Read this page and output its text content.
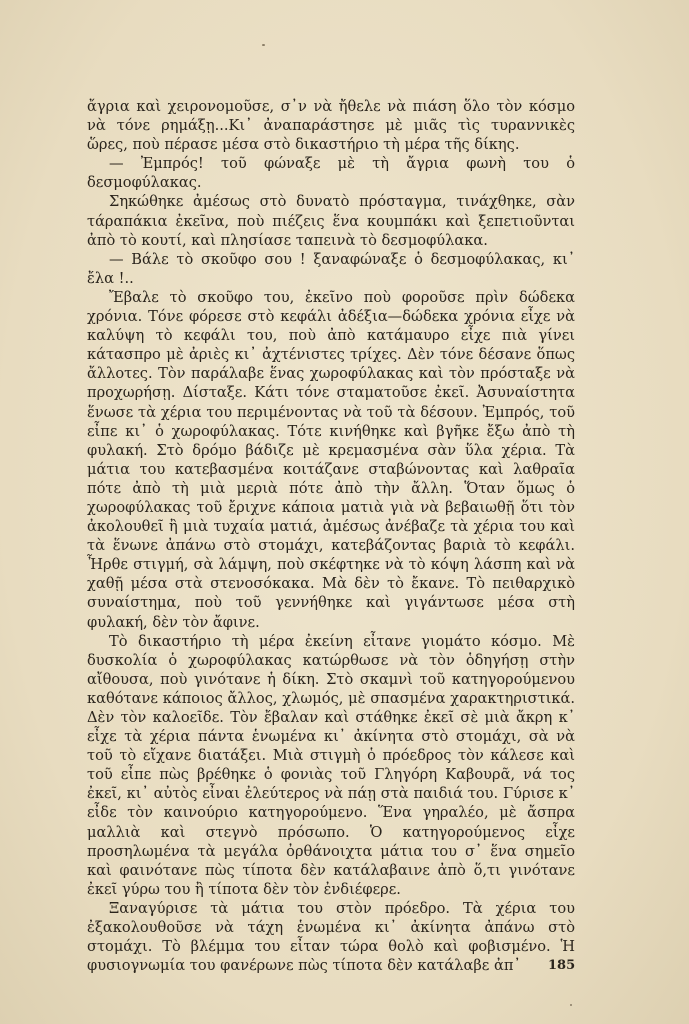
ἄγρια καὶ χειρονομοῦσε, σ᾽ν νὰ ἤθελε νὰ πιάση ὅλο τὸν κόσμο νὰ τόνε ρημάξῃ...Κι᾽ ἀναπαράστησε μὲ μιᾶς τὶς τυραννικὲς ὥρες, ποὺ πέρασε μέσα στὸ δικαστήριο τὴ μέρα τῆς δίκης.

— Ἐμπρός! τοῦ φώναξε μὲ τὴ ἄγρια φωνὴ του ὁ δεσμοφύλακας.

Σηκώθηκε ἀμέσως στὸ δυνατὸ πρόσταγμα, τινάχθηκε, σὰν τάραπάκια ἐκεῖνα, ποὺ πιέζεις ἕνα κουμπάκι καὶ ξεπετιοῦνται ἀπὸ τὸ κουτί, καὶ πλησίασε ταπεινὰ τὸ δεσμοφύλακα.

— Βάλε τὸ σκοῦφο σου ! ξαναφώναξε ὁ δεσμοφύλακας, κι᾽ ἔλα !..

Ἔβαλε τὸ σκοῦφο του, ἐκεῖνο ποὺ φοροῦσε πρὶν δώδεκα χρόνια. Τόνε φόρεσε στὸ κεφάλι ἀδέξια—δώδεκα χρόνια εἶχε νὰ καλύψη τὸ κεφάλι του, ποὺ ἀπὸ κατάμαυρο εἶχε πιὰ γίνει κάτασπρο μὲ ἀριὲς κι᾽ ἀχτένιστες τρίχες. Δὲν τόνε δέσανε ὅπως ἄλλοτες. Τὸν παράλαβε ἕνας χωροφύλακας καὶ τὸν πρόσταξε νὰ προχωρήσῃ. Δίσταξε. Κάτι τόνε σταματοῦσε ἐκεῖ. Ἀσυναίστητα ἕνωσε τὰ χέρια του περιμένοντας νὰ τοῦ τὰ δέσουν. Ἐμπρός, τοῦ εἶπε κι᾽ ὁ χωροφύλακας. Τότε κινήθηκε καὶ βγῆκε ἔξω ἀπὸ τὴ φυλακή. Στὸ δρόμο βάδιζε μὲ κρεμασμένα σὰν ὕλα χέρια. Τὰ μάτια του κατεβασμένα κοιτάζανε σταβώνοντας καὶ λαθραῖα πότε ἀπὸ τὴ μιὰ μεριὰ πότε ἀπὸ τὴν ἄλλη. Ὅταν ὅμως ὁ χωροφύλακας τοῦ ἔριχνε κάποια ματιὰ γιὰ νὰ βεβαιωθῇ ὅτι τὸν ἀκολουθεῖ ἢ μιὰ τυχαία ματιά, ἀμέσως ἀνέβαζε τὰ χέρια του καὶ τὰ ἕνωνε ἀπάνω στὸ στομάχι, κατεβάζοντας βαριὰ τὸ κεφάλι. Ἦρθε στιγμή, σὰ λάμψη, ποὺ σκέφτηκε νὰ τὸ κόψη λάσπη καὶ νὰ χαθῇ μέσα στὰ στενοσόκακα. Μὰ δὲν τὸ ἔκανε. Τὸ πειθαρχικὸ συναίστημα, ποὺ τοῦ γεννήθηκε καὶ γιγάντωσε μέσα στὴ φυλακή, δὲν τὸν ἄφινε.

Τὸ δικαστήριο τὴ μέρα ἐκείνη εἶτανε γιομάτο κόσμο. Μὲ δυσκολία ὁ χωροφύλακας κατώρθωσε νὰ τὸν ὁδηγήσῃ στὴν αἴθουσα, ποὺ γινότανε ἡ δίκη. Στὸ σκαμνὶ τοῦ κατηγορούμενου καθότανε κάποιος ἄλλος, χλωμός, μὲ σπασμένα χαρακτηριστικά. Δὲν τὸν καλοεῖδε. Τὸν ἔβαλαν καὶ στάθηκε ἐκεῖ σὲ μιὰ ἄκρη κ᾽ εἶχε τὰ χέρια πάντα ἑνωμένα κι᾽ ἀκίνητα στὸ στομάχι, σὰ νὰ τοῦ τὸ εἴχανε διατάξει. Μιὰ στιγμὴ ὁ πρόεδρος τὸν κάλεσε καὶ τοῦ εἶπε πὼς βρέθηκε ὁ φονιὰς τοῦ Γληγόρη Καβουρᾶ, νά τος ἐκεῖ, κι᾽ αὐτὸς εἶναι ἐλεύτερος νὰ πάῃ στὰ παιδιά του. Γύρισε κ᾽ εἶδε τὸν καινούριο κατηγορούμενο. Ἕνα γηραλέο, μὲ ἄσπρα μαλλιὰ καὶ στεγνὸ πρόσωπο. Ὁ κατηγορούμενος εἶχε προσηλωμένα τὰ μεγάλα ὀρθάνοιχτα μάτια του σ᾽ ἕνα σημεῖο καὶ φαινότανε πὼς τίποτα δὲν κατάλαβαινε ἀπὸ ὅ,τι γινότανε ἐκεῖ γύρω του ἢ τίποτα δὲν τὸν ἐνδιέφερε.

Ξαναγύρισε τὰ μάτια του στὸν πρόεδρο. Τὰ χέρια του ἐξακολουθοῦσε νὰ τάχη ἑνωμένα κι᾽ ἀκίνητα ἀπάνω στὸ στομάχι. Τὸ βλέμμα του εἶταν τώρα θολὸ καὶ φοβισμένο. Ἡ φυσιογνωμία του φανέρωνε πὼς τίποτα δὲν κατάλαβε ἀπ᾽	185
